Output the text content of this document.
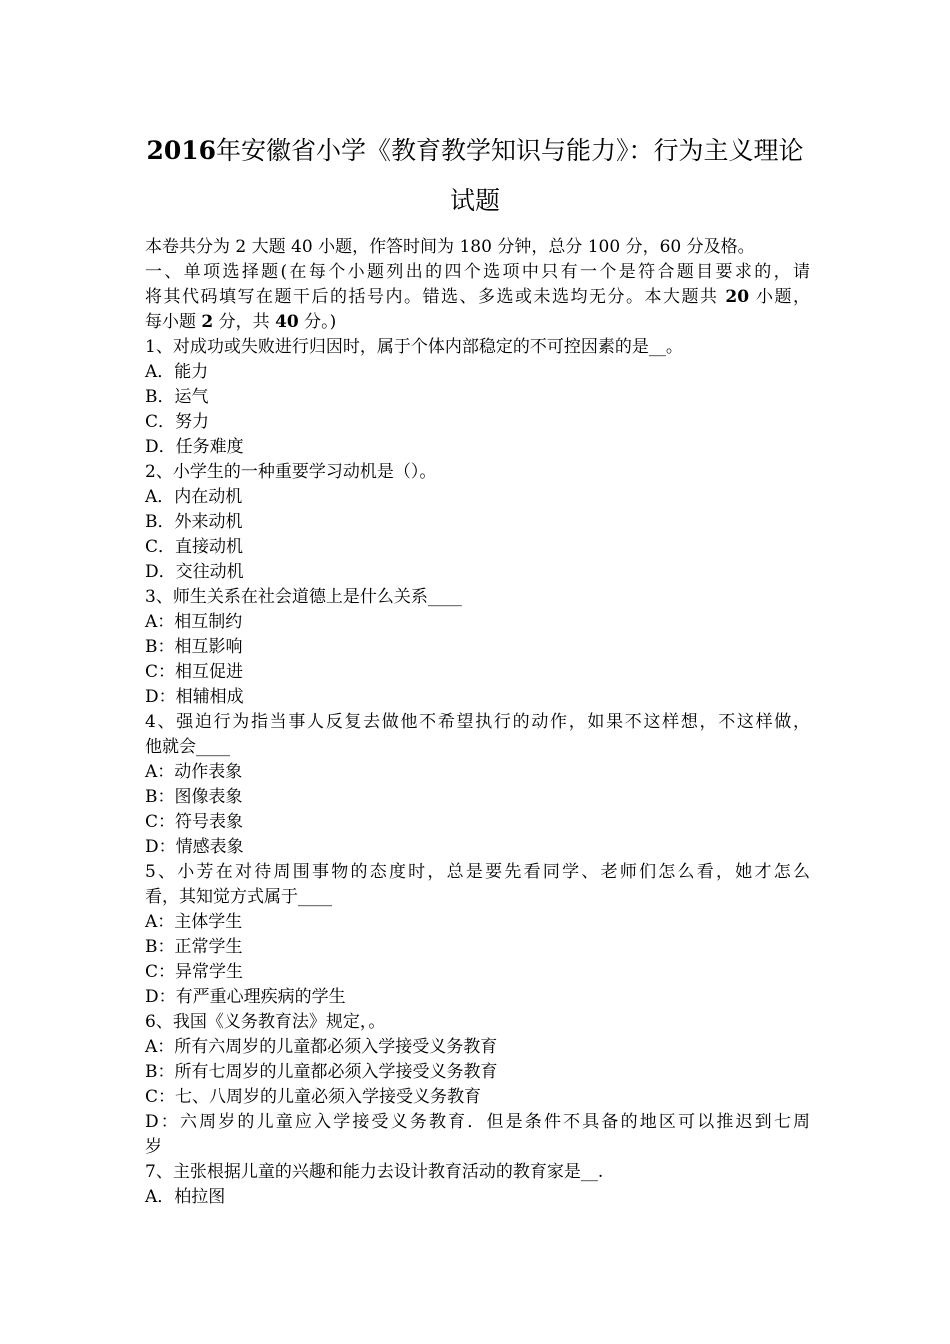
2016年安徽省小学《教育教学知识与能力》：行为主义理论
试题
本卷共分为 2 大题 40 小题，作答时间为 180 分钟，总分 100 分，60 分及格。
一、单项选择题(在每个小题列出的四个选项中只有一个是符合题目要求的，请
将其代码填写在题干后的括号内。错选、多选或未选均无分。本大题共 20 小题，
每小题 2 分，共 40 分。)
1、对成功或失败进行归因时，属于个体内部稳定的不可控因素的是__。
A．能力
B．运气
C．努力
D．任务难度
2、小学生的一种重要学习动机是（）。
A．内在动机
B．外来动机
C．直接动机
D．交往动机
3、师生关系在社会道德上是什么关系____
A：相互制约
B：相互影响
C：相互促进
D：相辅相成
4、强迫行为指当事人反复去做他不希望执行的动作，如果不这样想，不这样做，
他就会____
A：动作表象
B：图像表象
C：符号表象
D：情感表象
5、小芳在对待周围事物的态度时，总是要先看同学、老师们怎么看，她才怎么
看，其知觉方式属于____
A：主体学生
B：正常学生
C：异常学生
D：有严重心理疾病的学生
6、我国《义务教育法》规定，。
A：所有六周岁的儿童都必须入学接受义务教育
B：所有七周岁的儿童都必须入学接受义务教育
C：七、八周岁的儿童必须入学接受义务教育
D：六周岁的儿童应入学接受义务教育．但是条件不具备的地区可以推迟到七周
岁
7、主张根据儿童的兴趣和能力去设计教育活动的教育家是__.
A．柏拉图
